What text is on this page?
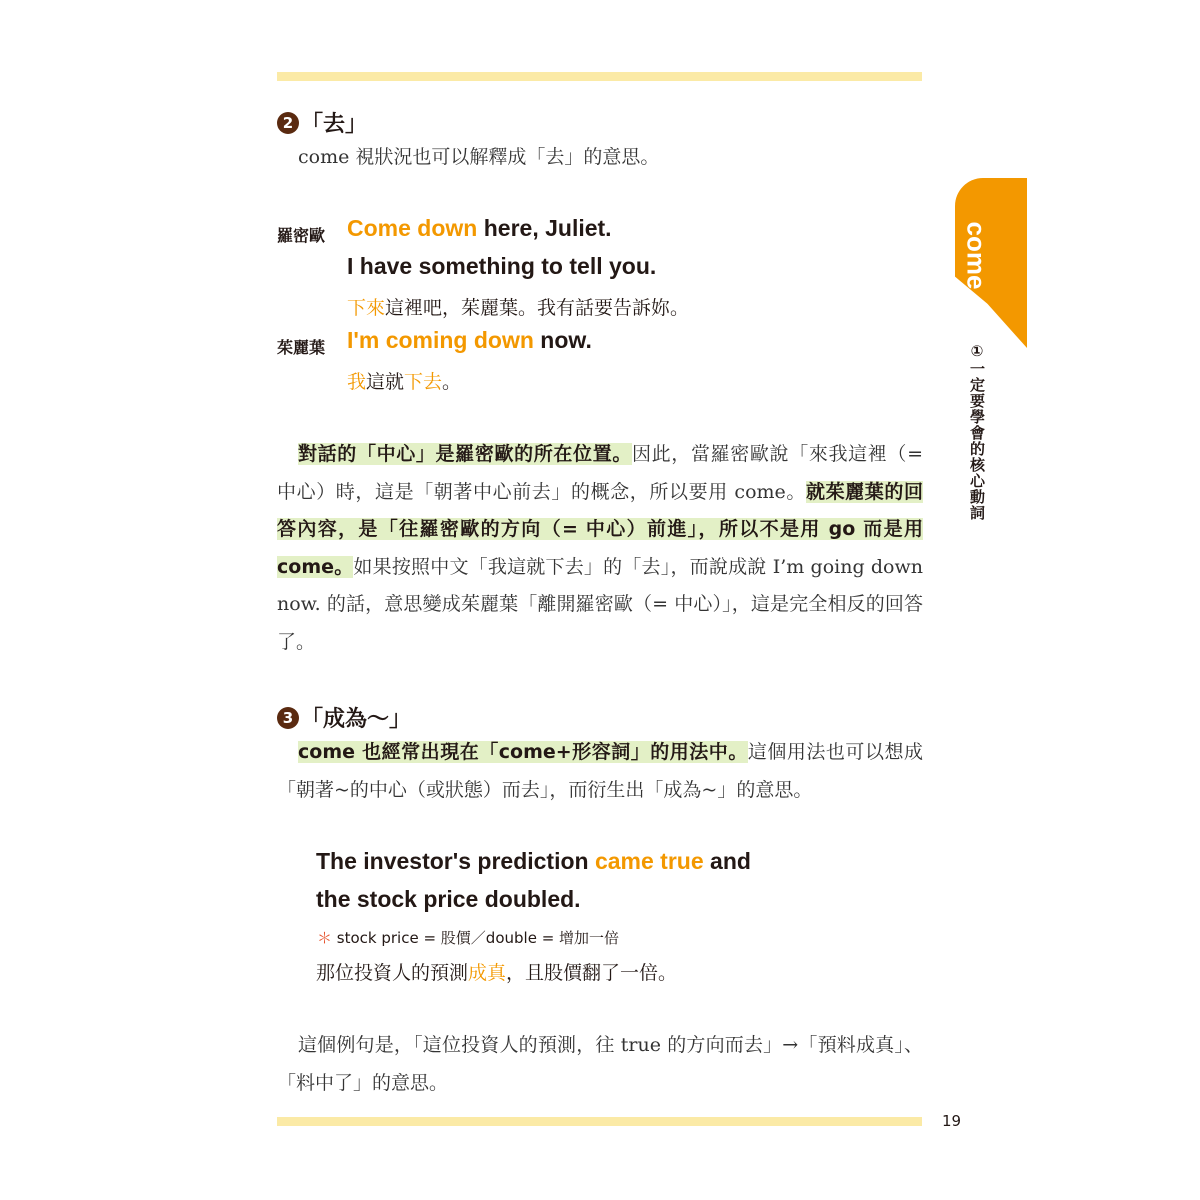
come
①一定要學會的核心動詞
2 「去」
come 視狀況也可以解釋成「去」的意思。
羅密歐 Come down here, Juliet.
I have something to tell you.
下來這裡吧，茱麗葉。我有話要告訴妳。
茱麗葉 I'm coming down now.
我這就下去。
對話的「中心」是羅密歐的所在位置。因此，當羅密歐說「來我這裡（= 中心）時，這是「朝著中心前去」的概念，所以要用 come。就茱麗葉的回答內容，是「往羅密歐的方向（= 中心）前進」，所以不是用 go 而是用 come。如果按照中文「我這就下去」的「去」，而說成說 I’m going down now. 的話，意思變成茱麗葉「離開羅密歐（= 中心）」，這是完全相反的回答了。
3 「成為～」
come 也經常出現在「come+形容詞」的用法中。這個用法也可以想成「朝著~的中心（或狀態）而去」，而衍生出「成為~」的意思。
The investor's prediction came true and
the stock price doubled.
＊ stock price = 股價／double = 增加一倍
那位投資人的預測成真，且股價翻了一倍。
這個例句是，「這位投資人的預測，往 true 的方向而去」→「預料成真」、「料中了」的意思。
19
